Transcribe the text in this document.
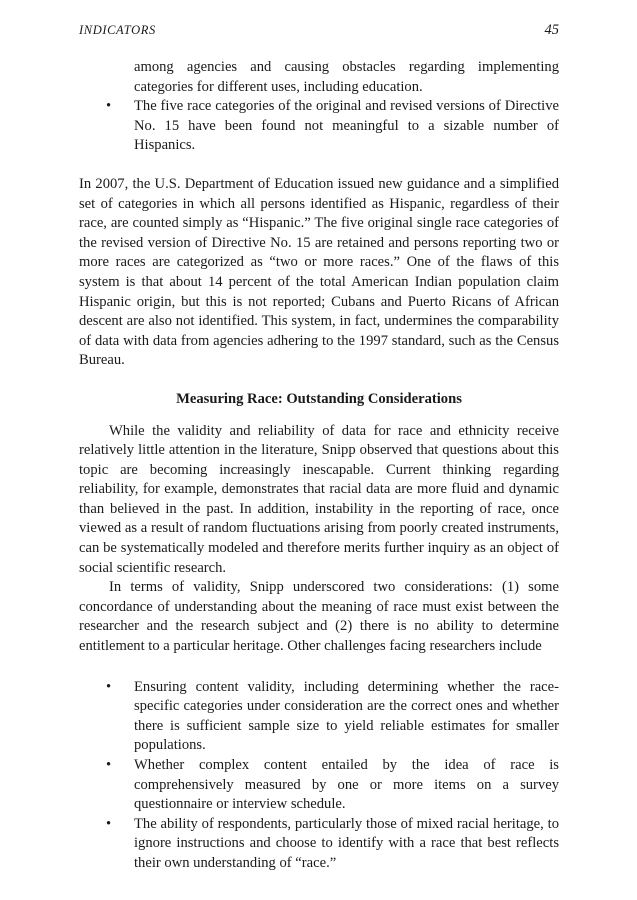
INDICATORS	45
among agencies and causing obstacles regarding implementing categories for different uses, including education.
• The five race categories of the original and revised versions of Directive No. 15 have been found not meaningful to a sizable number of Hispanics.

In 2007, the U.S. Department of Education issued new guidance and a simplified set of categories in which all persons identified as Hispanic, regardless of their race, are counted simply as “Hispanic.” The five original single race categories of the revised version of Directive No. 15 are retained and persons reporting two or more races are categorized as “two or more races.” One of the flaws of this system is that about 14 percent of the total American Indian population claim Hispanic origin, but this is not reported; Cubans and Puerto Ricans of African descent are also not identified. This system, in fact, undermines the comparability of data with data from agencies adhering to the 1997 standard, such as the Census Bureau.

Measuring Race: Outstanding Considerations

While the validity and reliability of data for race and ethnicity receive relatively little attention in the literature, Snipp observed that questions about this topic are becoming increasingly inescapable. Current thinking regarding reliability, for example, demonstrates that racial data are more fluid and dynamic than believed in the past. In addition, instability in the reporting of race, once viewed as a result of random fluctuations arising from poorly created instruments, can be systematically modeled and therefore merits further inquiry as an object of social scientific research.

In terms of validity, Snipp underscored two considerations: (1) some concordance of understanding about the meaning of race must exist between the researcher and the research subject and (2) there is no ability to determine entitlement to a particular heritage. Other challenges facing researchers include

• Ensuring content validity, including determining whether the race-specific categories under consideration are the correct ones and whether there is sufficient sample size to yield reliable estimates for smaller populations.
• Whether complex content entailed by the idea of race is comprehensively measured by one or more items on a survey questionnaire or interview schedule.
• The ability of respondents, particularly those of mixed racial heritage, to ignore instructions and choose to identify with a race that best reflects their own understanding of “race.”
